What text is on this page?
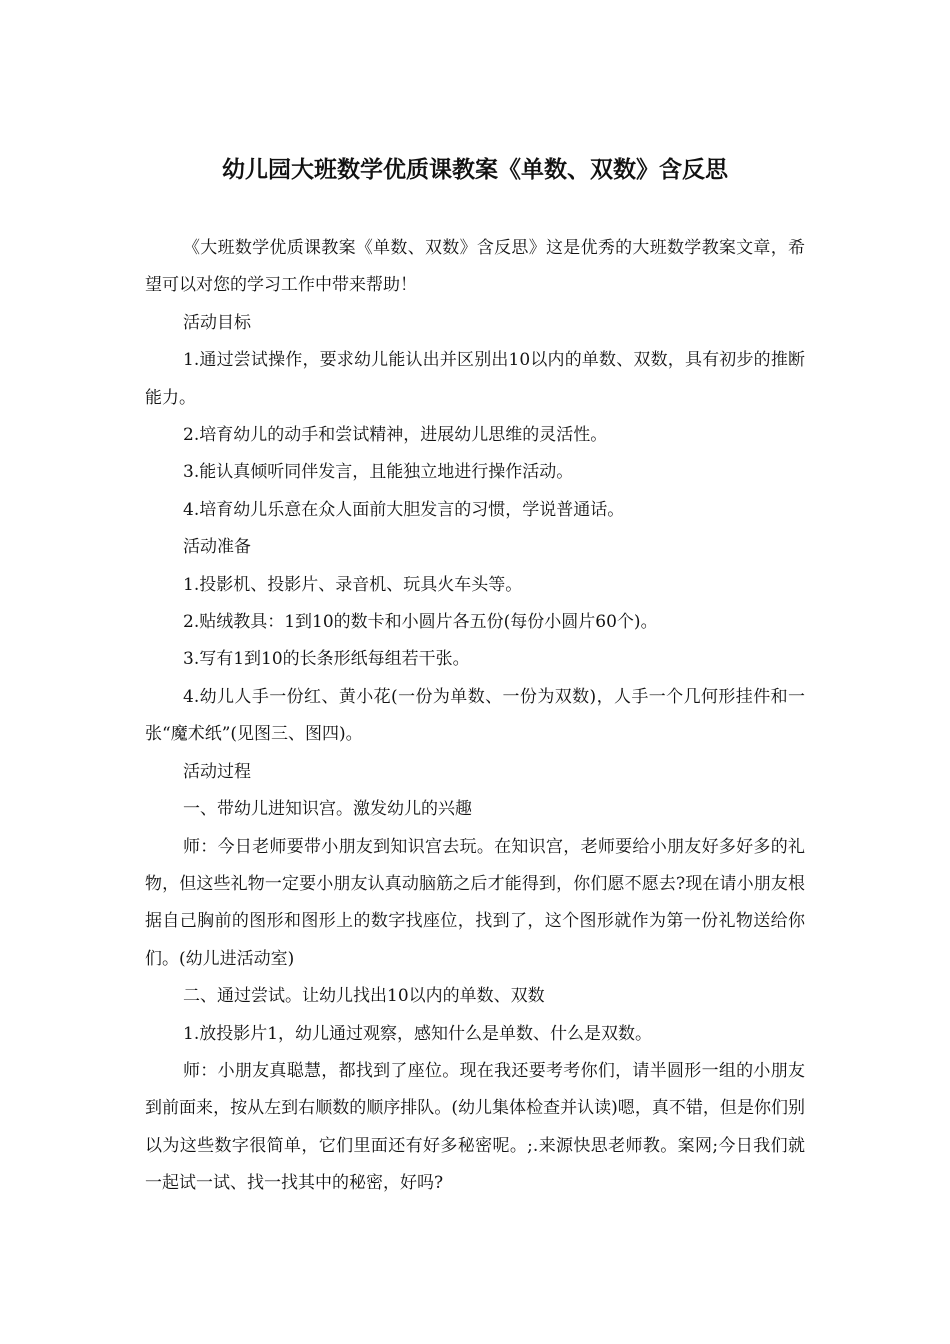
幼儿园大班数学优质课教案《单数、双数》含反思

《大班数学优质课教案《单数、双数》含反思》这是优秀的大班数学教案文章，希望可以对您的学习工作中带来帮助！

活动目标

1.通过尝试操作，要求幼儿能认出并区别出10以内的单数、双数，具有初步的推断能力。

2.培育幼儿的动手和尝试精神，进展幼儿思维的灵活性。

3.能认真倾听同伴发言，且能独立地进行操作活动。

4.培育幼儿乐意在众人面前大胆发言的习惯，学说普通话。

活动准备

1.投影机、投影片、录音机、玩具火车头等。

2.贴绒教具：1到10的数卡和小圆片各五份(每份小圆片60个)。

3.写有1到10的长条形纸每组若干张。

4.幼儿人手一份红、黄小花(一份为单数、一份为双数)，人手一个几何形挂件和一张“魔术纸”(见图三、图四)。

活动过程

一、带幼儿进知识宫。激发幼儿的兴趣

师：今日老师要带小朋友到知识宫去玩。在知识宫，老师要给小朋友好多好多的礼物，但这些礼物一定要小朋友认真动脑筋之后才能得到，你们愿不愿去?现在请小朋友根据自己胸前的图形和图形上的数字找座位，找到了，这个图形就作为第一份礼物送给你们。(幼儿进活动室)

二、通过尝试。让幼儿找出10以内的单数、双数

1.放投影片1，幼儿通过观察，感知什么是单数、什么是双数。

师：小朋友真聪慧，都找到了座位。现在我还要考考你们，请半圆形一组的小朋友到前面来，按从左到右顺数的顺序排队。(幼儿集体检查并认读)嗯，真不错，但是你们别以为这些数字很简单，它们里面还有好多秘密呢。;.来源快思老师教。案网;今日我们就一起试一试、找一找其中的秘密，好吗?
